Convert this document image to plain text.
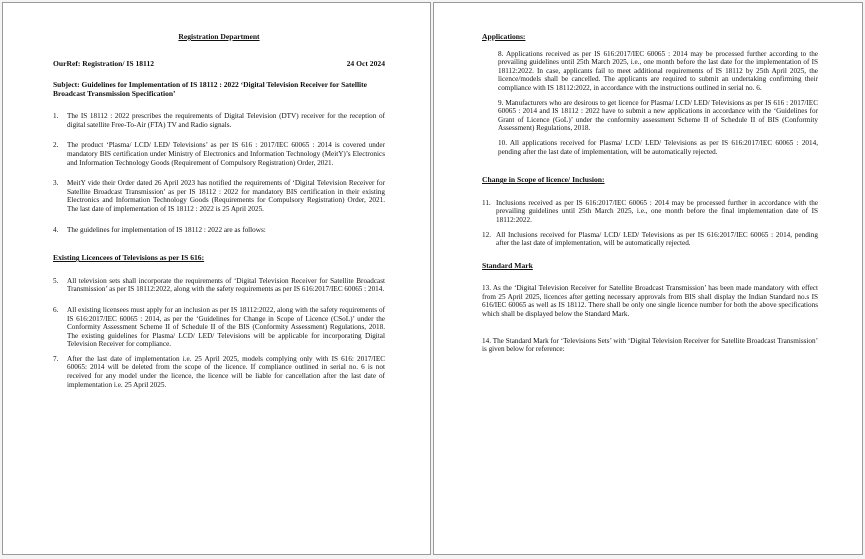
Registration Department
OurRef: Registration/ IS 18112	24 Oct 2024
Subject: Guidelines for Implementation of IS 18112 : 2022 ‘Digital Television Receiver for Satellite Broadcast Transmission Specification’
1.	The IS 18112 : 2022 prescribes the requirements of Digital Television (DTV) receiver for the reception of digital satellite Free-To-Air (FTA) TV and Radio signals.
2.	The product ‘Plasma/ LCD/ LED/ Televisions’ as per IS 616 : 2017/IEC 60065 : 2014 is covered under mandatory BIS certification under Ministry of Electronics and Information Technology (MeitY)’s Electronics and Information Technology Goods (Requirement of Compulsory Registration) Order, 2021.
3.	MeitY vide their Order dated 26 April 2023 has notified the requirements of ‘Digital Television Receiver for Satellite Broadcast Transmission’ as per IS 18112 : 2022 for mandatory BIS certification in their existing Electronics and Information Technology Goods (Requirements for Compulsory Registration) Order, 2021. The last date of implementation of IS 18112 : 2022 is 25 April 2025.
4.	The guidelines for implementation of IS 18112 : 2022 are as follows:
Existing Licencees of Televisions as per IS 616:
5.	All television sets shall incorporate the requirements of ‘Digital Television Receiver for Satellite Broadcast Transmission’ as per IS 18112:2022, along with the safety requirements as per IS 616:2017/IEC 60065 : 2014.
6.	All existing licensees must apply for an inclusion as per IS 18112:2022, along with the safety requirements of IS 616:2017/IEC 60065 : 2014, as per the ‘Guidelines for Change in Scope of Licence (CSoL)’ under the Conformity Assessment Scheme II of Schedule II of the BIS (Conformity Assessment) Regulations, 2018. The existing guidelines for Plasma/ LCD/ LED/ Televisions will be applicable for incorporating Digital Television Receiver for compliance.
7.	After the last date of implementation i.e. 25 April 2025, models complying only with IS 616: 2017/IEC 60065: 2014 will be deleted from the scope of the licence. If compliance outlined in serial no. 6 is not received for any model under the licence, the licence will be liable for cancellation after the last date of implementation i.e. 25 April 2025.
Applications:
8. Applications received as per IS 616:2017/IEC 60065 : 2014 may be processed further according to the prevailing guidelines until 25th March 2025, i.e., one month before the last date for the implementation of IS 18112:2022. In case, applicants fail to meet additional requirements of IS 18112 by 25th April 2025, the licence/models shall be cancelled. The applicants are required to submit an undertaking confirming their compliance with IS 18112:2022, in accordance with the instructions outlined in serial no. 6.
9. Manufacturers who are desirous to get licence for Plasma/ LCD/ LED/ Televisions as per IS 616 : 2017/IEC 60065 : 2014 and IS 18112 : 2022 have to submit a new applications in accordance with the ‘Guidelines for Grant of Licence (GoL)’ under the conformity assessment Scheme II of Schedule II of BIS (Conformity Assessment) Regulations, 2018.
10. All applications received for Plasma/ LCD/ LED/ Televisions as per IS 616:2017/IEC 60065 : 2014, pending after the last date of implementation, will be automatically rejected.
Change in Scope of licence/ Inclusion:
11. Inclusions received as per IS 616:2017/IEC 60065 : 2014 may be processed further in accordance with the prevailing guidelines until 25th March 2025, i.e., one month before the final implementation date of IS 18112:2022.
12. All Inclusions received for Plasma/ LCD/ LED/ Televisions as per IS 616:2017/IEC 60065 : 2014, pending after the last date of implementation, will be automatically rejected.
Standard Mark
13. As the ‘Digital Television Receiver for Satellite Broadcast Transmission’ has been made mandatory with effect from 25 April 2025, licences after getting necessary approvals from BIS shall display the Indian Standard no.s IS 616/IEC 60065 as well as IS 18112. There shall be only one single licence number for both the above specifications which shall be displayed below the Standard Mark.
14. The Standard Mark for ‘Televisions Sets’ with ‘Digital Television Receiver for Satellite Broadcast Transmission’ is given below for reference:
